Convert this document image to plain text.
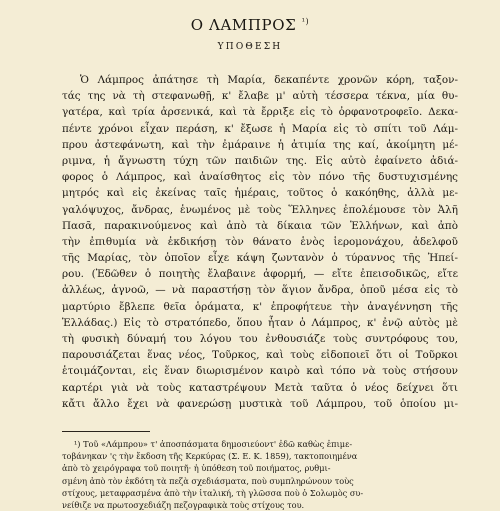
Ο ΛΑΜΠΡΟΣ $^{^1)}$
ΥΠΟΘΕΣΗ
Ὁ Λάμπρος ἀπάτησε τὴ Μαρία, δεκαπέντε χρονῶν κόρη, ταξον-
τάς της νὰ τὴ στεφανωθῇ, κ' ἔλαβε μ' αὐτὴ τέσσερα τέκνα, μία θυ-
γατέρα, καὶ τρία ἀρσενικά, καὶ τὰ ἔρριξε εἰς τὸ ὀρφανοτροφεῖο. Δεκα-
πέντε χρόνοι εἶχαν περάση, κ' ἔξωσε ἡ Μαρία εἰς τὸ σπίτι τοῦ Λάμ-
πρου ἀστεφάνωτη, καὶ τὴν ἐμάραινε ἡ ἀτιμία της καί, ἀκοίμητη μέ-
ριμνα, ἡ ἄγνωστη τύχη τῶν παιδιῶν της. Εἰς αὐτὸ ἐφαίνετο ἀδιά-
φορος ὁ Λάμπρος, καὶ ἀναίσθητος εἰς τὸν πόνο τῆς δυστυχισμένης
μητρός καὶ εἰς ἐκείνας ταῖς ἡμέραις, τοῦτος ὁ κακόηθης, ἀλλὰ με-
γαλόψυχος, ἄνδρας, ἑνωμένος μὲ τοὺς Ἕλληνες ἐπολέμουσε τὸν Ἀλῆ
Πασᾶ, παρακινούμενος καὶ ἀπὸ τὰ δίκαια τῶν Ἑλλήνων, καὶ ἀπὸ
τὴν ἐπιθυμία νὰ ἐκδικήσῃ τὸν θάνατο ἑνὸς ἱερομονάχου, ἀδελφοῦ
τῆς Μαρίας, τὸν ὁποῖον εἶχε κάψη ζωντανὸν ὁ τύραννος τῆς Ἠπεί-
ρου. (Ἐδῶθεν ὁ ποιητὴς ἔλαβαινε ἀφορμή, — εἴτε ἐπεισοδικῶς, εἴτε
ἀλλέως, ἀγνοῶ, — νὰ παραστήσῃ τὸν ἅγιον ἄνδρα, ὁποῦ μέσα εἰς τὸ
μαρτύριο ἔβλεπε θεῖα ὁράματα, κ' ἐπροφήτευε τὴν ἀναγέννηση τῆς
Ἑλλάδας.) Εἰς τὸ στρατόπεδο, ὅπου ἦταν ὁ Λάμπρος, κ' ἐνῷ αὐτὸς μὲ
τὴ φυσικὴ δύναμή του λόγου του ἐνθουσιάζε τοὺς συντρόφους του,
παρουσιάζεται ἕνας νέος, Τοῦρκος, καὶ τοὺς εἰδοποιεῖ ὅτι οἱ Τοῦρκοι
ἑτοιμάζονται, εἰς ἕναν διωρισμένον καιρὸ καὶ τόπο νὰ τοὺς στήσουν
καρτέρι γιὰ νὰ τοὺς καταστρέψουν Μετὰ ταῦτα ὁ νέος δείχνει ὅτι
κἄτι ἄλλο ἔχει νὰ φανερώσῃ μυστικὰ τοῦ Λάμπρου, τοῦ ὁποίου μι-
¹) Τοῦ «Λάμπρου» τ' ἀποσπάσματα δημοσιεύοντ' ἐδῶ καθὼς ἐπιμε-
τοβάνηκαν 'ς τὴν ἔκδοση τῆς Κερκύρας (Σ. Ε. Κ. 1859), τακτοποιημένα
ἀπὸ τὸ χειρόγραφα τοῦ ποιητῆ· ἡ ὑπόθεση τοῦ ποιήματος, ρυθμι-
σμένη ἀπὸ τὸν ἐκδότη τὰ πεζὰ σχεδιάσματα, ποὺ συμπληρώνουν τοὺς
στίχους, μεταφρασμένα ἀπὸ τὴν ἰταλική, τὴ γλῶσσα ποὺ ὁ Σολωμὸς συ-
νείθιζε να πρωτοσχεδιάζη πεζογραφικὰ τοὺς στίχους του.
